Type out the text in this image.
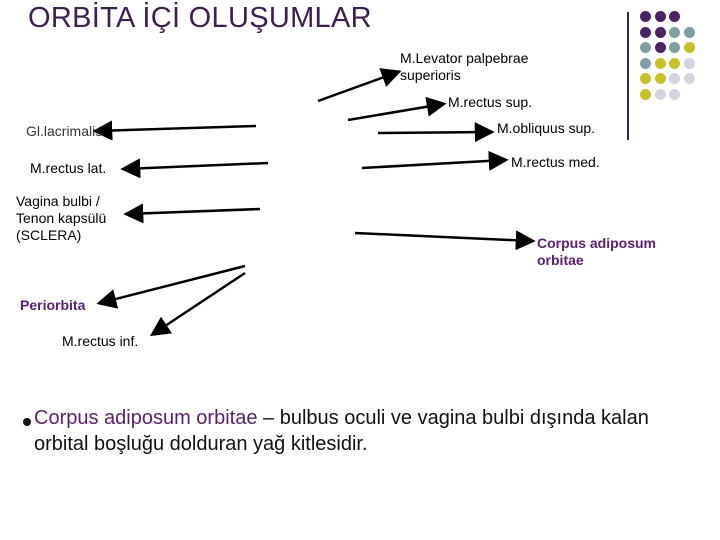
ORBİTA İÇİ OLUŞUMLAR
M.Levator palpebrae
superioris
M.rectus sup.
Gl.lacrimalis	M.obliquus sup.
M.rectus lat.	M.rectus med.
Vagina bulbi /
Tenon kapsülü
(SCLERA)	Corpus adiposum
orbitae
Periorbita
M.rectus inf.
Corpus adiposum orbitae – bulbus oculi ve vagina bulbi dışında kalan orbital boşluğu dolduran yağ kitlesidir.
